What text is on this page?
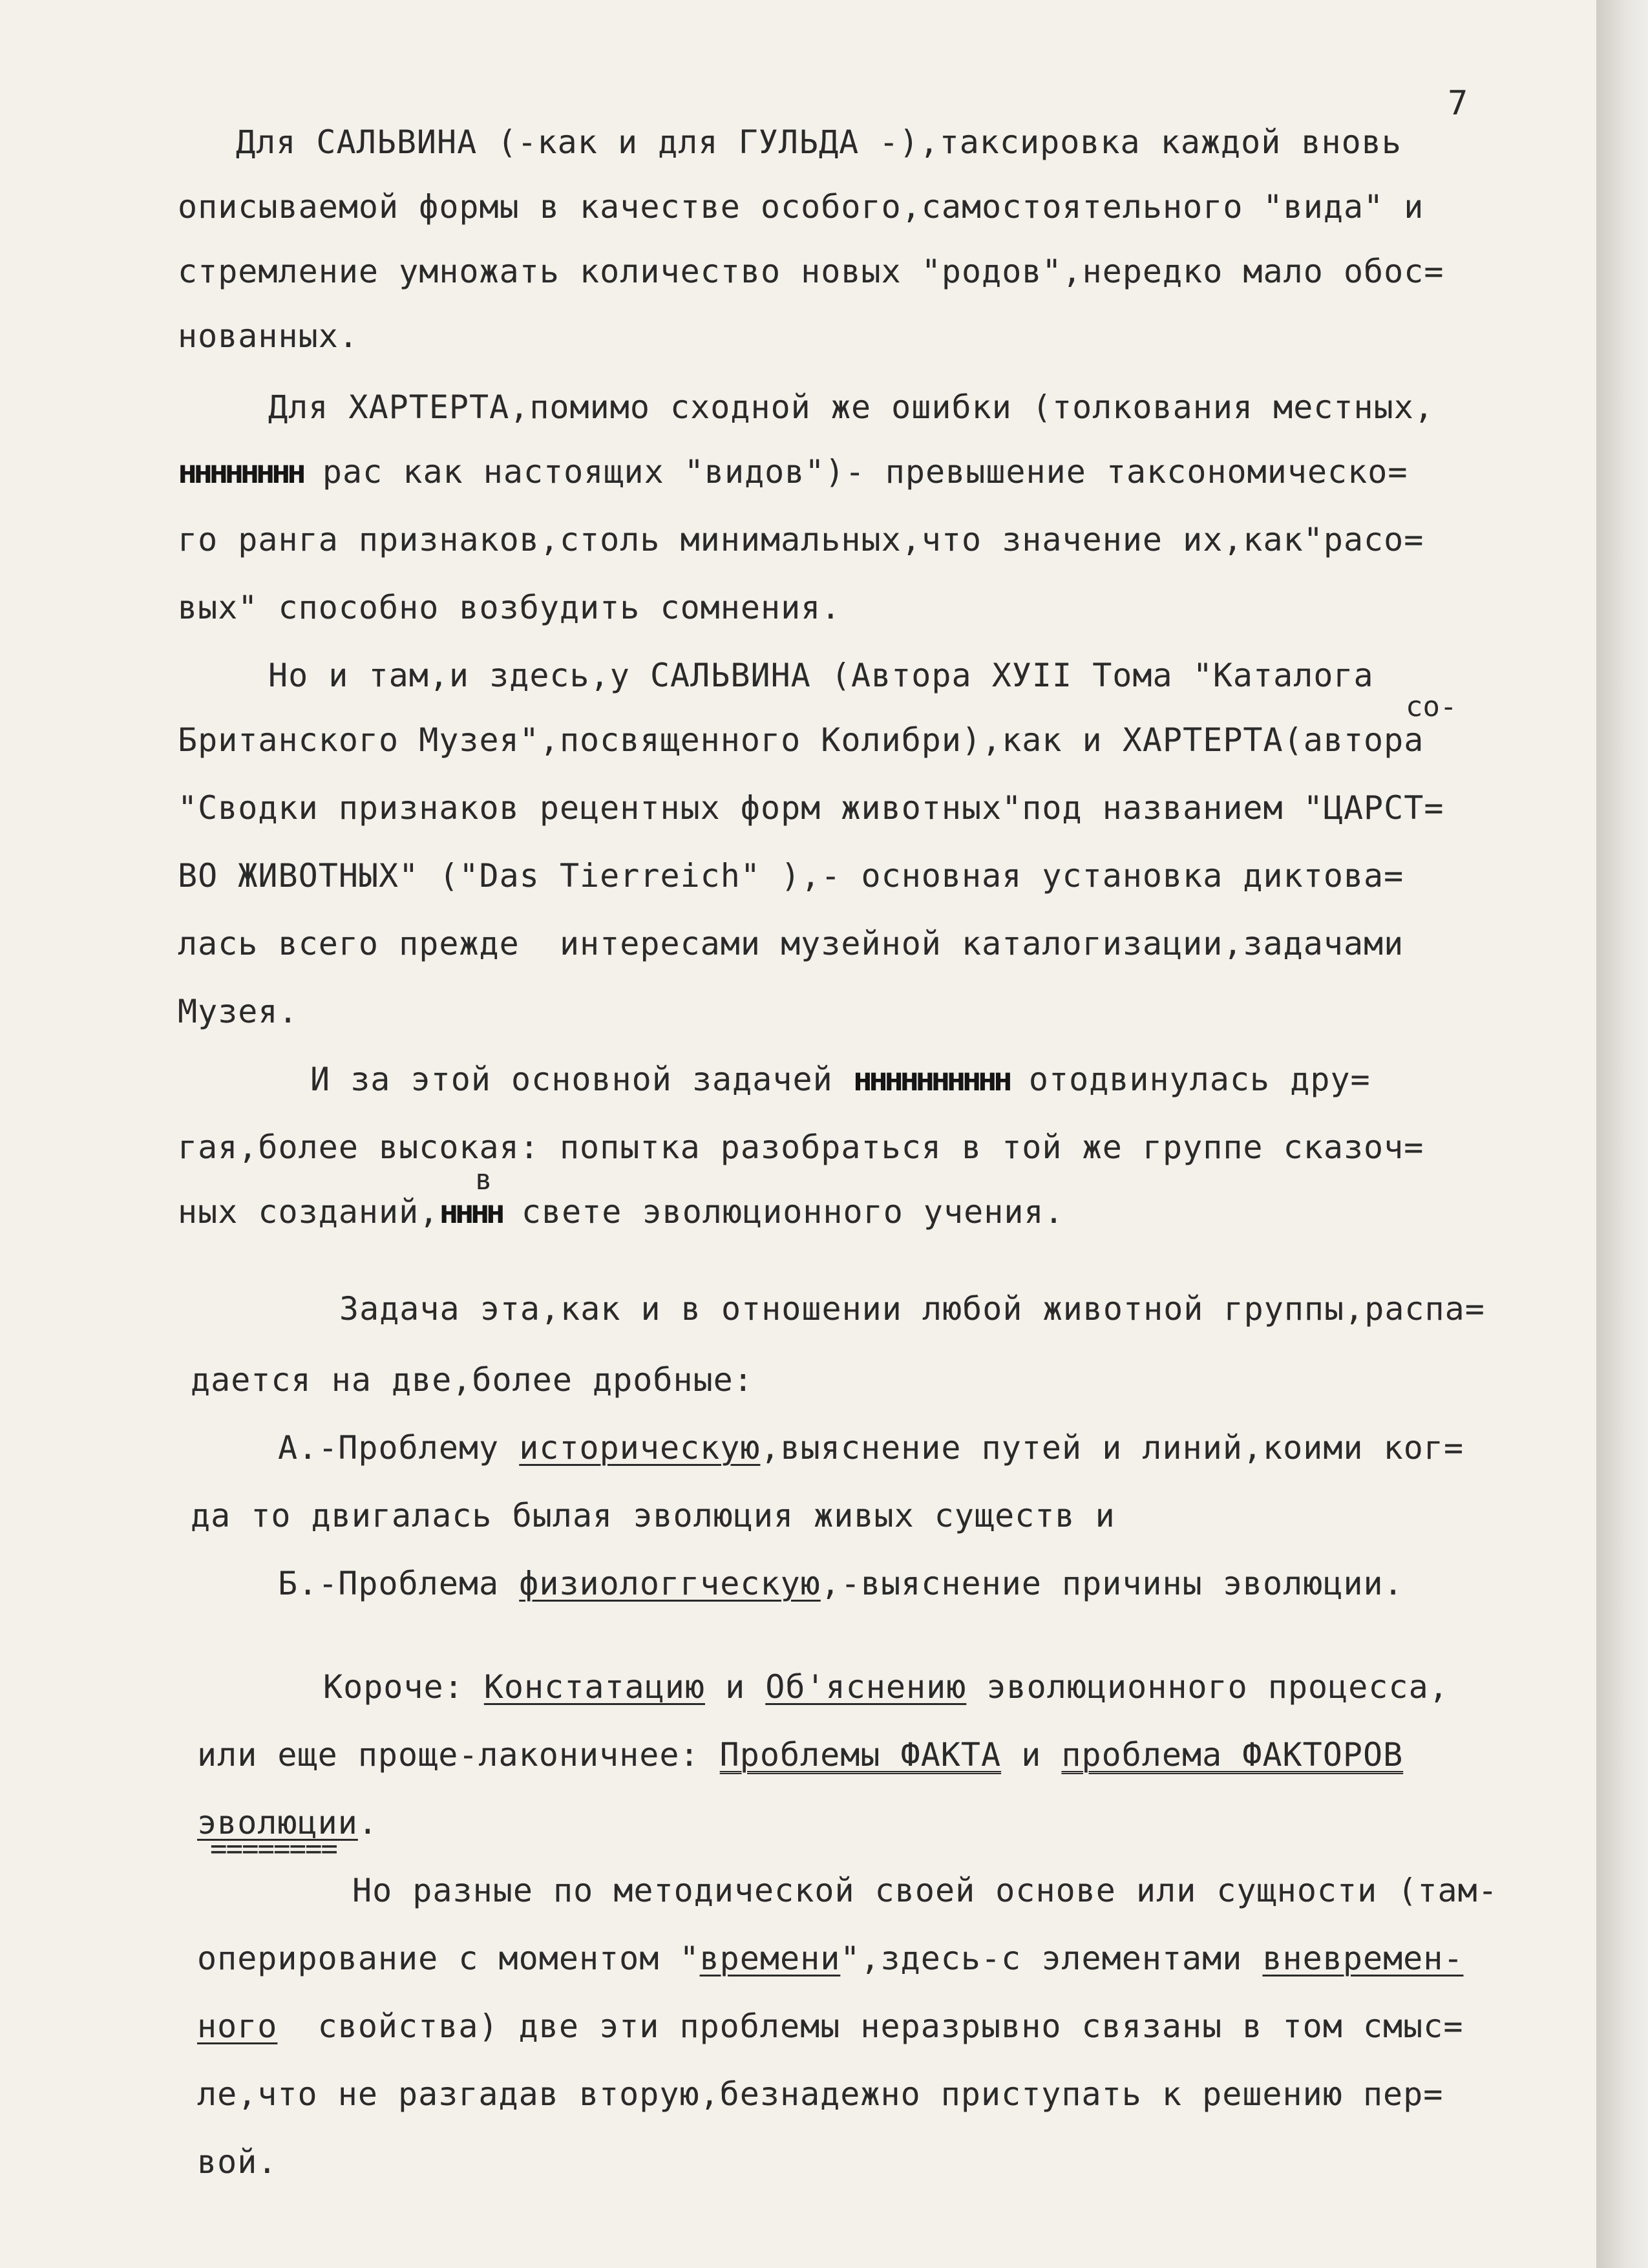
7
Для САЛЬВИНА (-как и для ГУЛЬДА -),таксировка каждой вновь
описываемой формы в качестве особого,самостоятельного "вида" и
стремление умножать количество новых "родов",нередко мало обос=
нованных.
Для ХАРТЕРТА,помимо сходной же ошибки (толкования местных,
нннннннн рас как настоящих "видов")- превышение таксономическо=
го ранга признаков,столь минимальных,что значение их,как"расо=
вых" способно возбудить сомнения.
Но и там,и здесь,у САЛЬВИНА (Автора ХУII Тома "Каталога
со-
Британского Музея",посвященного Колибри),как и ХАРТЕРТА(автора
"Сводки признаков рецентных форм животных"под названием "ЦАРСТ=
ВО ЖИВОТНЫХ" ("Das Tierreich" ),- основная установка диктова=
лась всего прежде  интересами музейной каталогизации,задачами
Музея.
И за этой основной задачей нннннннннн отодвинулась дру=
гая,более высокая: попытка разобраться в той же группе сказоч=
в
ных созданий,нннн свете эволюционного учения.
Задача эта,как и в отношении любой животной группы,распа=
дается на две,более дробные:
А.-Проблему историческую,выяснение путей и линий,коими ког=
да то двигалась былая эволюция живых существ и
Б.-Проблема физиологгческую,-выяснение причины эволюции.
Короче: Констатацию и Об'яснению эволюционного процесса,
или еще проще-лаконичнее: Проблемы ФАКТА и проблема ФАКТОРОВ
эволюции.
========
Но разные по методической своей основе или сущности (там-
оперирование с моментом "времени",здесь-с элементами вневремен-
ного  свойства) две эти проблемы неразрывно связаны в том смыс=
ле,что не разгадав вторую,безнадежно приступать к решению пер=
вой.
